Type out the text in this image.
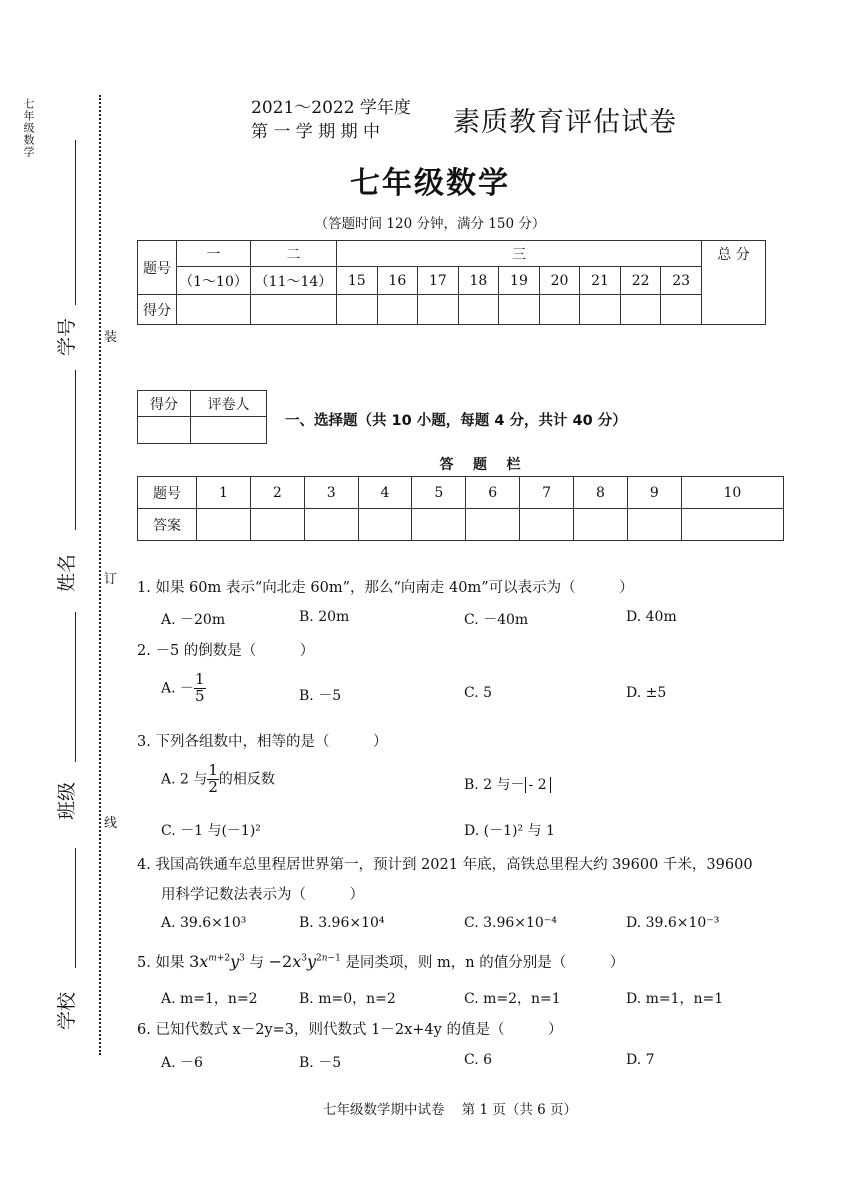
七年级数学
装
订
线
学号
姓名
班级
学校
2021～2022 学年度
第 一 学 期 期 中	素质教育评估试卷
七年级数学
（答题时间 120 分钟，满分 150 分）
题号	一	二	三									总 分
	（1～10）	（11～14）	15	16	17	18	19	20	21	22	23	
得分												
得分	评卷人

一、选择题（共 10 小题，每题 4 分，共计 40 分）
答    题    栏
题号	1	2	3	4	5	6	7	8	9	10
答案										
1. 如果 60m 表示“向北走 60m”，那么“向南走 40m”可以表示为（　　　）
A. －20m	B. 20m	C. －40m	D. 40m
2. －5 的倒数是（　　　）
A. － $\frac{1}{5}$	B. －5	C. 5	D. ±5
3. 下列各组数中，相等的是（　　　）
A. 2 与 $\frac{1}{2}$ 的相反数	B. 2 与－ - 2
C. －1 与(－1)²	D. (－1)² 与 1
4. 我国高铁通车总里程居世界第一，预计到 2021 年底，高铁总里程大约 39600 千米，39600
用科学记数法表示为（　　　）
A. 39.6×10³	B. 3.96×10⁴	C. 3.96×10⁻⁴	D. 39.6×10⁻³
5. 如果 $3x^{m+2}y^3$ 与 $-2x^3y^{2n-1}$ 是同类项，则 m，n 的值分别是（　　　）
A. m=1，n=2	B. m=0，n=2	C. m=2，n=1	D. m=1，n=1
6. 已知代数式 x－2y=3，则代数式 1－2x+4y 的值是（　　　）
A. －6	B. －5	C. 6	D. 7
七年级数学期中试卷    第 1 页（共 6 页）
